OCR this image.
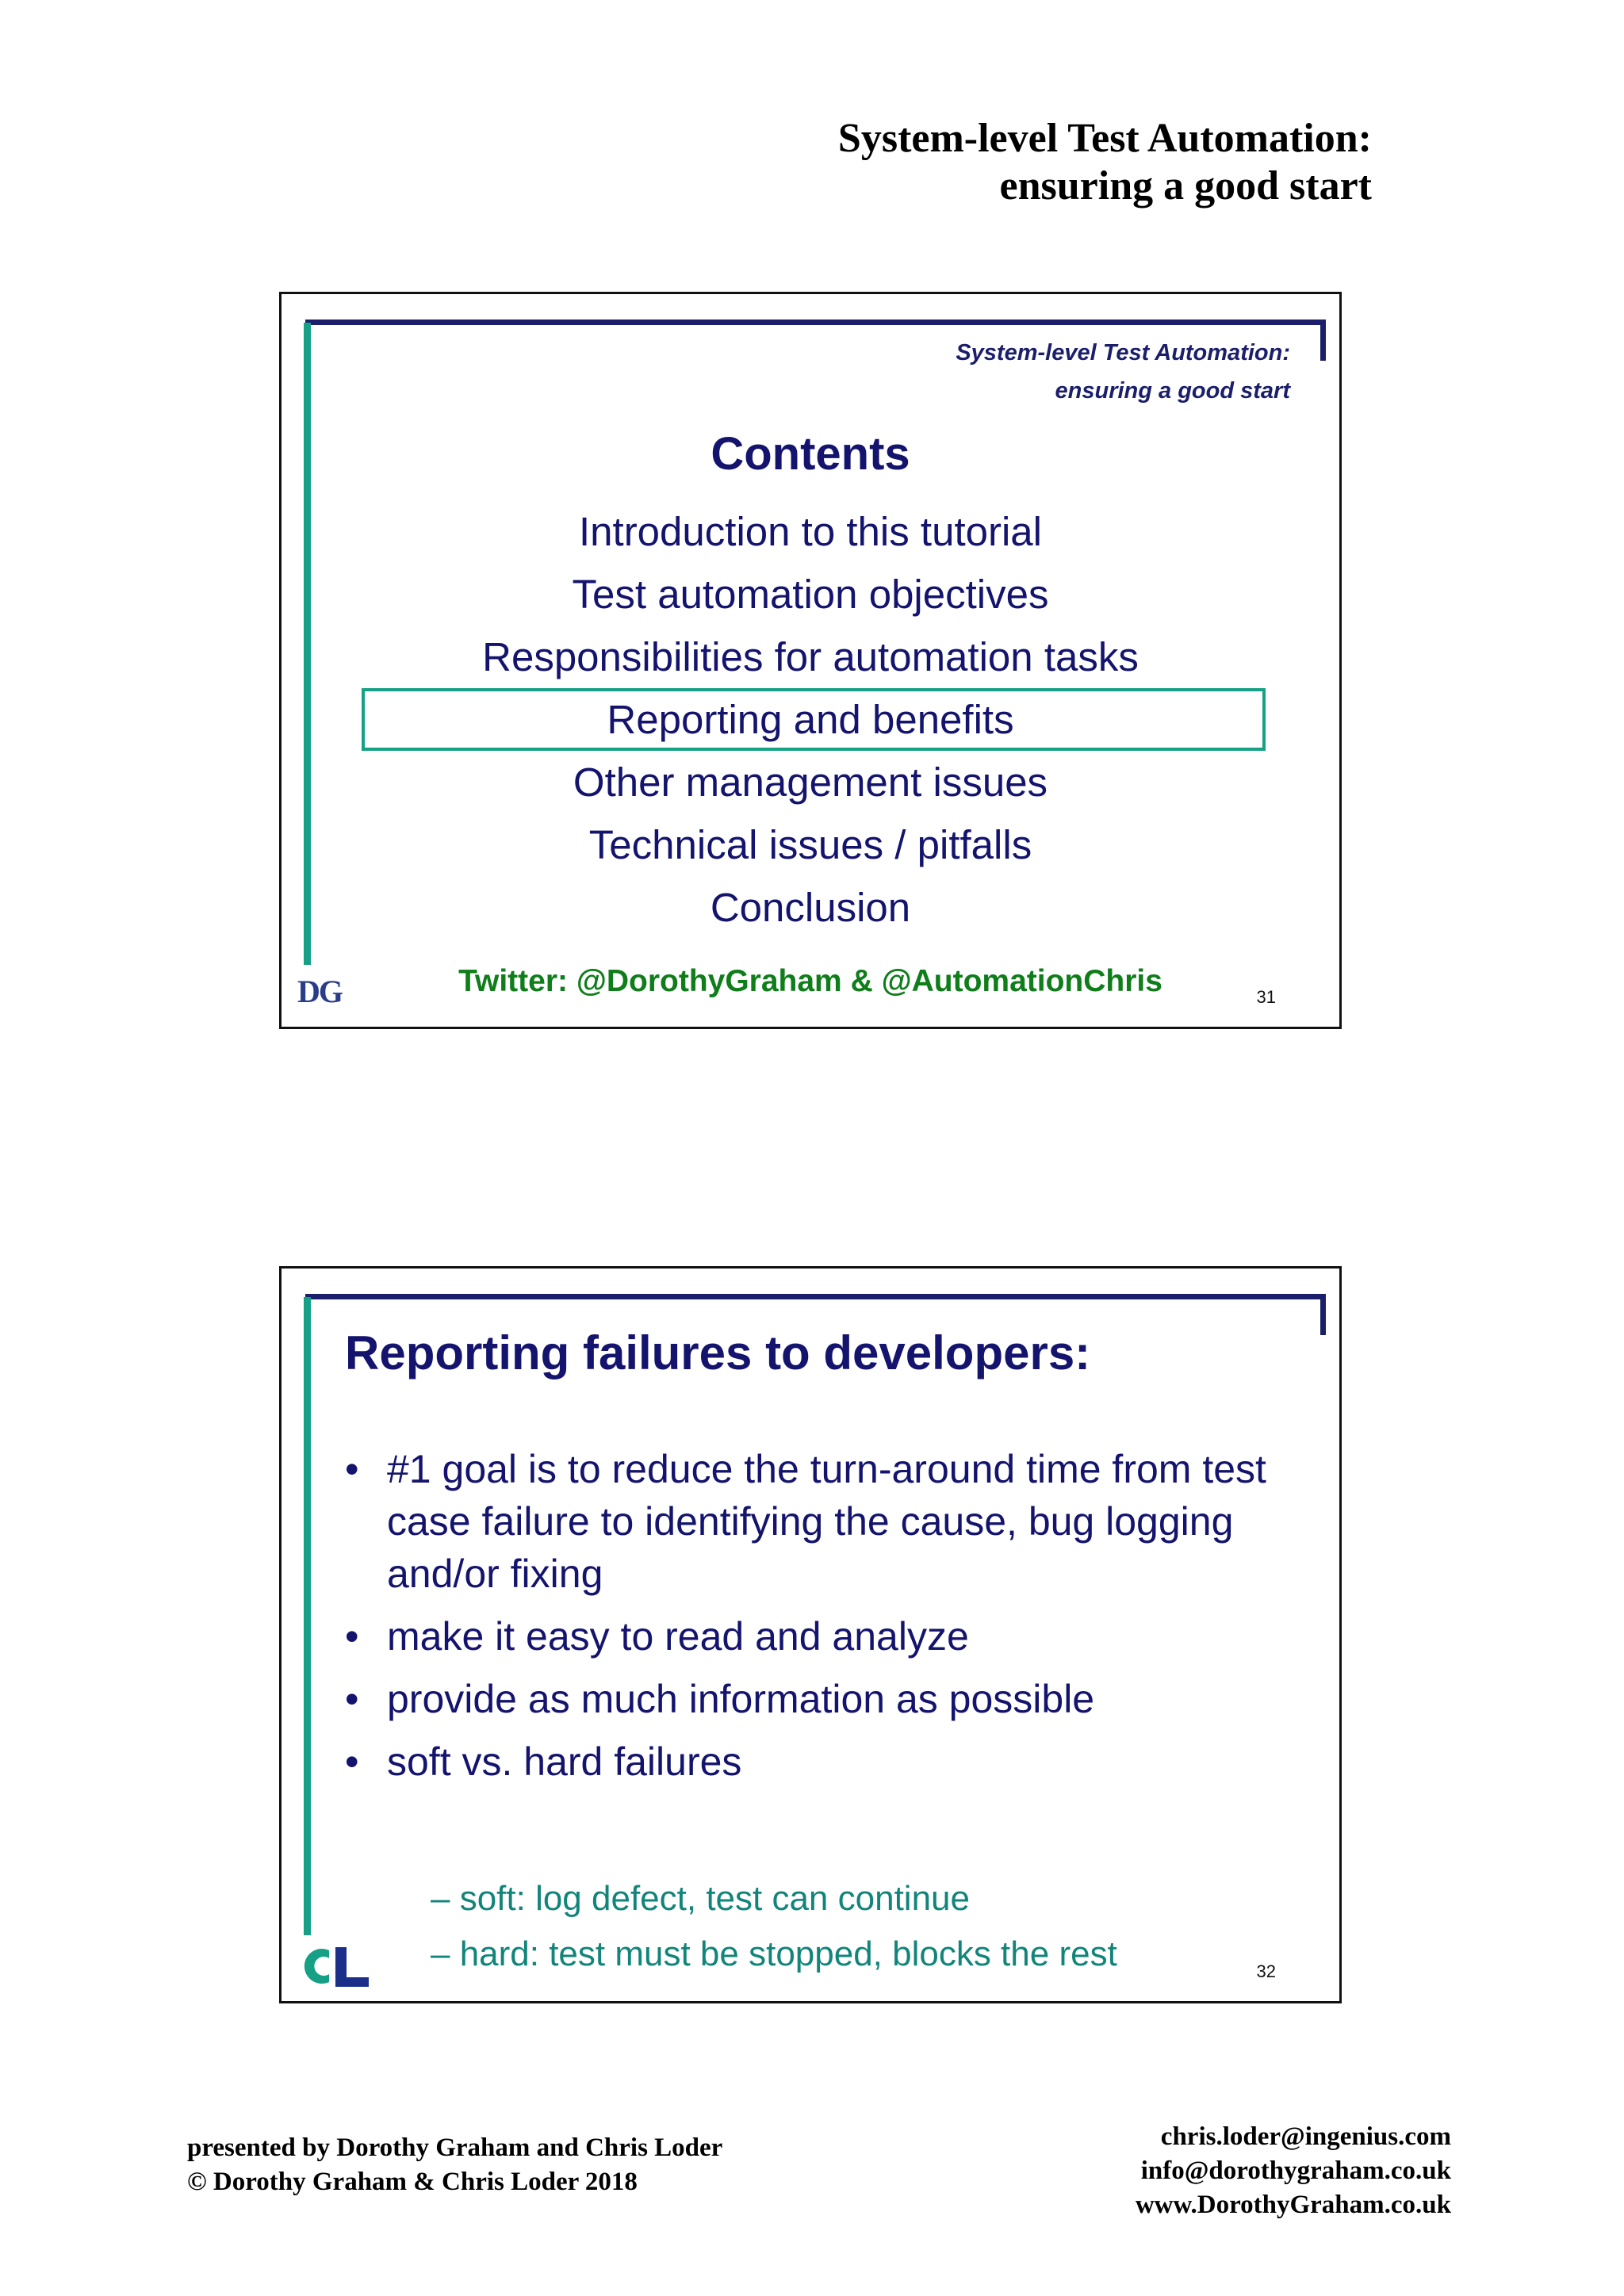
System-level Test Automation:
ensuring a good start
System-level Test Automation:
ensuring a good start
Contents
Introduction to this tutorial
Test automation objectives
Responsibilities for automation tasks
Reporting and benefits
Other management issues
Technical issues / pitfalls
Conclusion
DG	Twitter: @DorothyGraham & @AutomationChris	31
Reporting failures to developers:
• #1 goal is to reduce the turn-around time from test case failure to identifying the cause, bug logging and/or fixing
• make it easy to read and analyze
• provide as much information as possible
• soft vs. hard failures
– soft: log defect, test can continue
– hard: test must be stopped, blocks the rest
CL
32
presented by Dorothy Graham and Chris Loder
© Dorothy Graham & Chris Loder 2018
chris.loder@ingenius.com
info@dorothygraham.co.uk
www.DorothyGraham.co.uk
